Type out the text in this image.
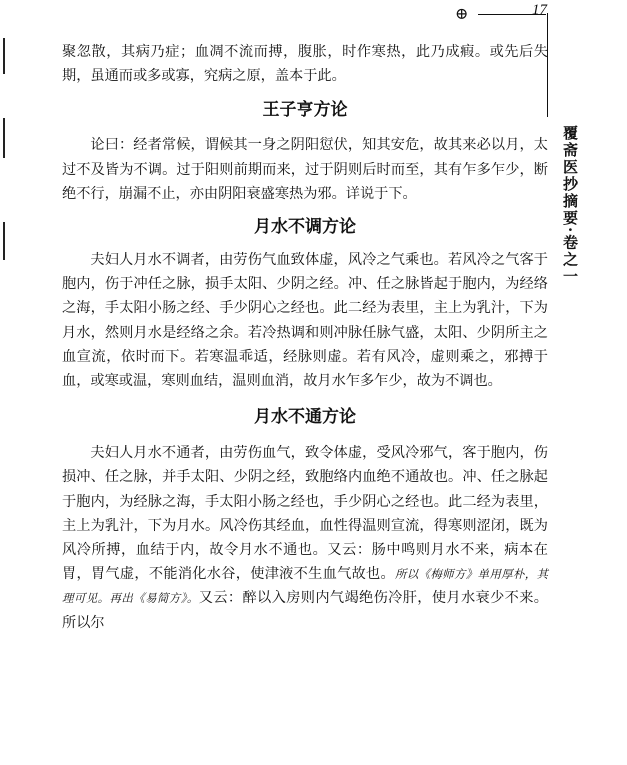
⊕	17
覆斋医抄摘要·卷之一

聚忽散，其病乃症；血凋不流而搏，腹胀，时作寒热，此乃成瘕。或先后失期，虽通而或多或寡，究病之原，盖本于此。

王子亨方论

论曰：经者常候，谓候其一身之阴阳愆伏，知其安危，故其来必以月，太过不及皆为不调。过于阳则前期而来，过于阴则后时而至，其有乍多乍少，断绝不行，崩漏不止，亦由阴阳衰盛寒热为邪。详说于下。

月水不调方论

夫妇人月水不调者，由劳伤气血致体虚，风冷之气乘也。若风冷之气客于胞内，伤于冲任之脉，损手太阳、少阴之经。冲、任之脉皆起于胞内，为经络之海，手太阳小肠之经、手少阴心之经也。此二经为表里，主上为乳汁，下为月水，然则月水是经络之余。若冷热调和则冲脉任脉气盛，太阳、少阴所主之血宣流，依时而下。若寒温乖适，经脉则虚。若有风冷，虚则乘之，邪搏于血，或寒或温，寒则血结，温则血消，故月水乍多乍少，故为不调也。

月水不通方论

夫妇人月水不通者，由劳伤血气，致令体虚，受风冷邪气，客于胞内，伤损冲、任之脉，并手太阳、少阴之经，致胞络内血绝不通故也。冲、任之脉起于胞内，为经脉之海，手太阳小肠之经也，手少阴心之经也。此二经为表里，主上为乳汁，下为月水。风冷伤其经血，血性得温则宣流，得寒则涩闭，既为风冷所搏，血结于内，故令月水不通也。又云：肠中鸣则月水不来，病本在胃，胃气虚，不能消化水谷，使津液不生血气故也。所以《梅师方》单用厚朴，其理可见。再出《易简方》。又云：醉以入房则内气竭绝伤冷肝，使月水衰少不来。所以尔
